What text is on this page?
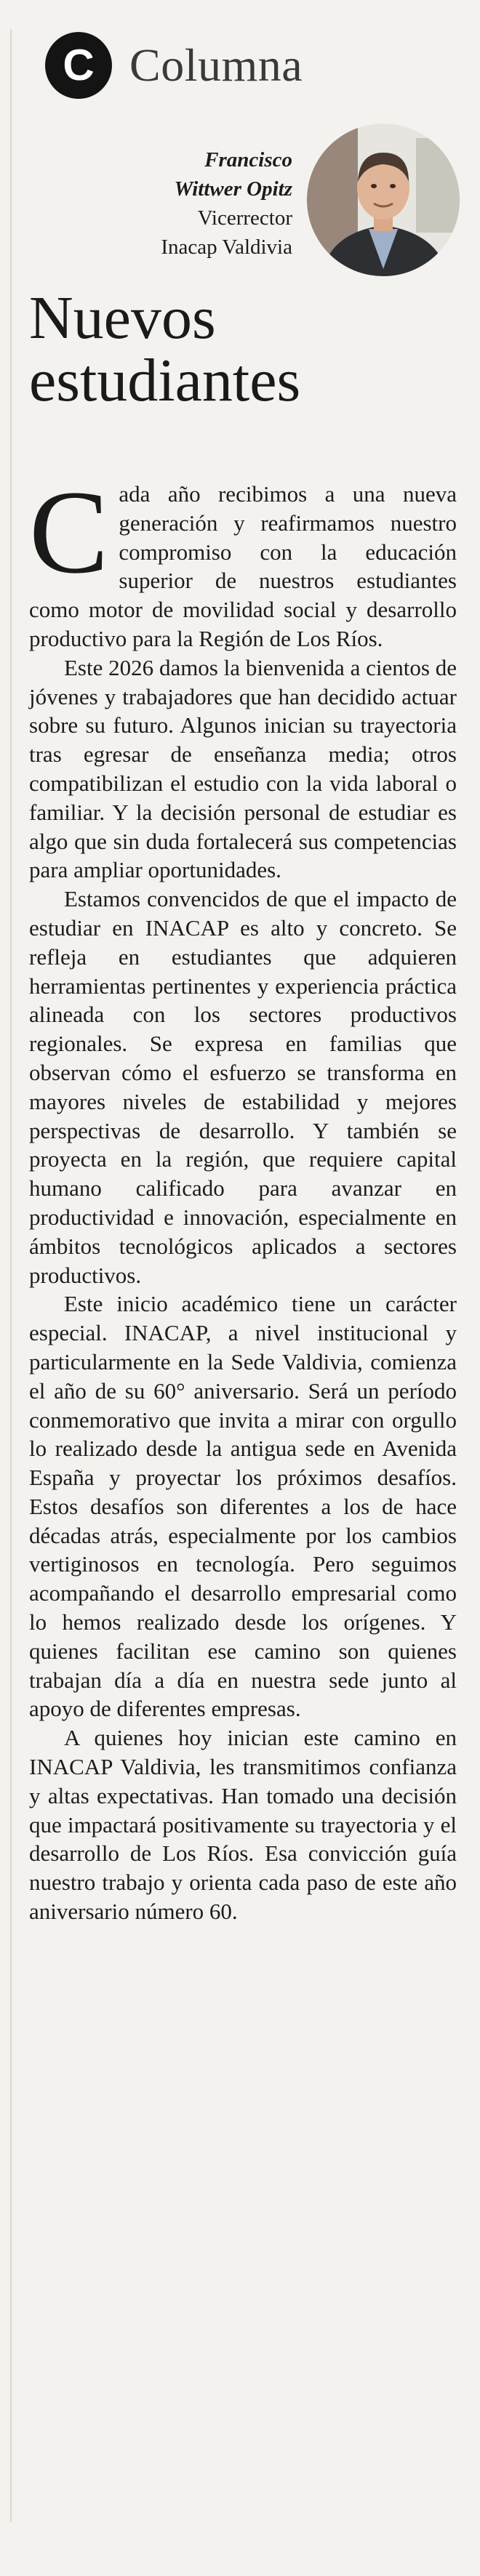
C Columna
Francisco
Wittwer Opitz
Vicerrector
Inacap Valdivia
Nuevos
estudiantes

Cada año recibimos a una nueva generación y reafirmamos nuestro compromiso con la educación superior de nuestros estudiantes como motor de movilidad social y desarrollo productivo para la Región de Los Ríos.

Este 2026 damos la bienvenida a cientos de jóvenes y trabajadores que han decidido actuar sobre su futuro. Algunos inician su trayectoria tras egresar de enseñanza media; otros compatibilizan el estudio con la vida laboral o familiar. Y la decisión personal de estudiar es algo que sin duda fortalecerá sus competencias para ampliar oportunidades.

Estamos convencidos de que el impacto de estudiar en INACAP es alto y concreto. Se refleja en estudiantes que adquieren herramientas pertinentes y experiencia práctica alineada con los sectores productivos regionales. Se expresa en familias que observan cómo el esfuerzo se transforma en mayores niveles de estabilidad y mejores perspectivas de desarrollo. Y también se proyecta en la región, que requiere capital humano calificado para avanzar en productividad e innovación, especialmente en ámbitos tecnológicos aplicados a sectores productivos.

Este inicio académico tiene un carácter especial. INACAP, a nivel institucional y particularmente en la Sede Valdivia, comienza el año de su 60° aniversario. Será un período conmemorativo que invita a mirar con orgullo lo realizado desde la antigua sede en Avenida España y proyectar los próximos desafíos. Estos desafíos son diferentes a los de hace décadas atrás, especialmente por los cambios vertiginosos en tecnología. Pero seguimos acompañando el desarrollo empresarial como lo hemos realizado desde los orígenes. Y quienes facilitan ese camino son quienes trabajan día a día en nuestra sede junto al apoyo de diferentes empresas.

A quienes hoy inician este camino en INACAP Valdivia, les transmitimos confianza y altas expectativas. Han tomado una decisión que impactará positivamente su trayectoria y el desarrollo de Los Ríos. Esa convicción guía nuestro trabajo y orienta cada paso de este año aniversario número 60.
